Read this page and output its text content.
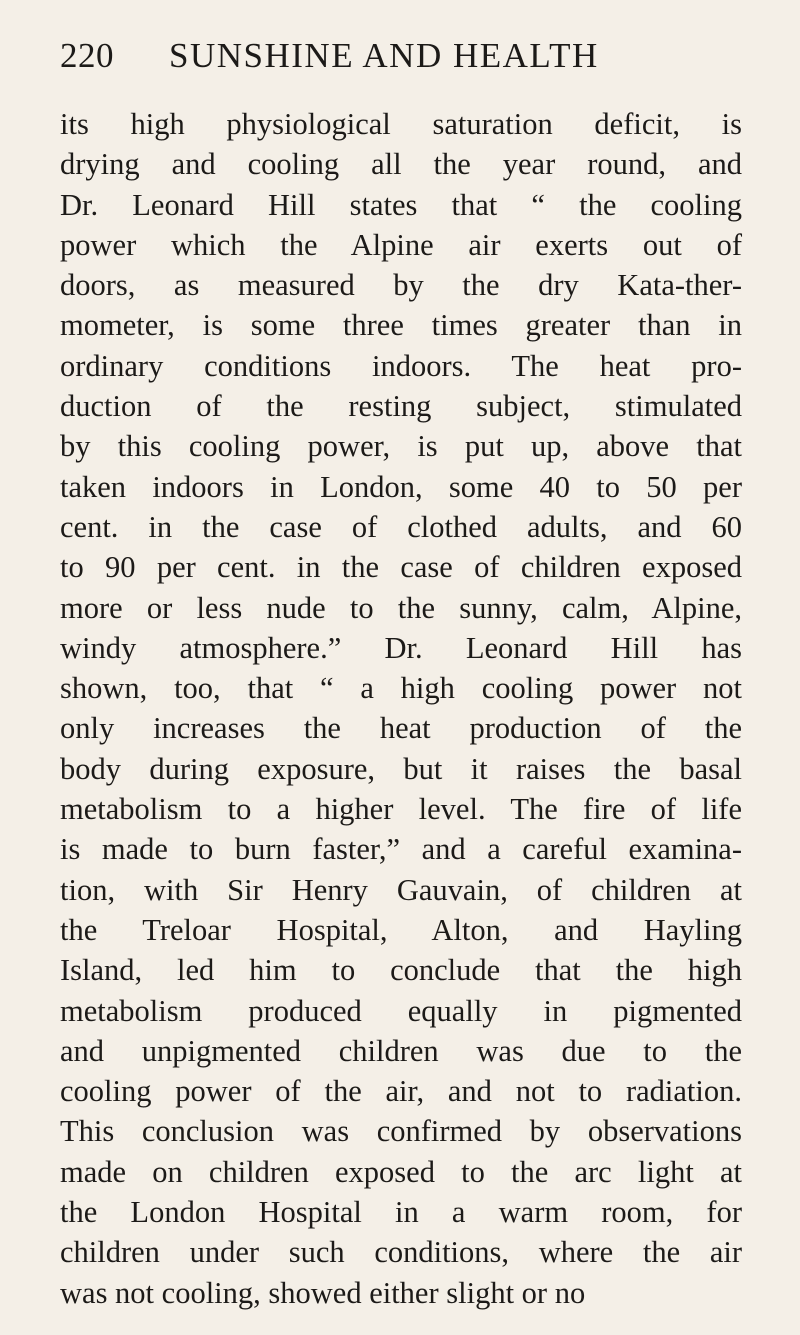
220 SUNSHINE AND HEALTH
its high physiological saturation deficit, is
drying and cooling all the year round, and
Dr. Leonard Hill states that “ the cooling
power which the Alpine air exerts out of
doors, as measured by the dry Kata-ther-
mometer, is some three times greater than in
ordinary conditions indoors. The heat pro-
duction of the resting subject, stimulated
by this cooling power, is put up, above that
taken indoors in London, some 40 to 50 per
cent. in the case of clothed adults, and 60
to 90 per cent. in the case of children exposed
more or less nude to the sunny, calm, Alpine,
windy atmosphere.” Dr. Leonard Hill has
shown, too, that “ a high cooling power not
only increases the heat production of the
body during exposure, but it raises the basal
metabolism to a higher level. The fire of life
is made to burn faster,” and a careful examina-
tion, with Sir Henry Gauvain, of children at
the Treloar Hospital, Alton, and Hayling
Island, led him to conclude that the high
metabolism produced equally in pigmented
and unpigmented children was due to the
cooling power of the air, and not to radiation.
This conclusion was confirmed by observations
made on children exposed to the arc light at
the London Hospital in a warm room, for
children under such conditions, where the air
was not cooling, showed either slight or no
